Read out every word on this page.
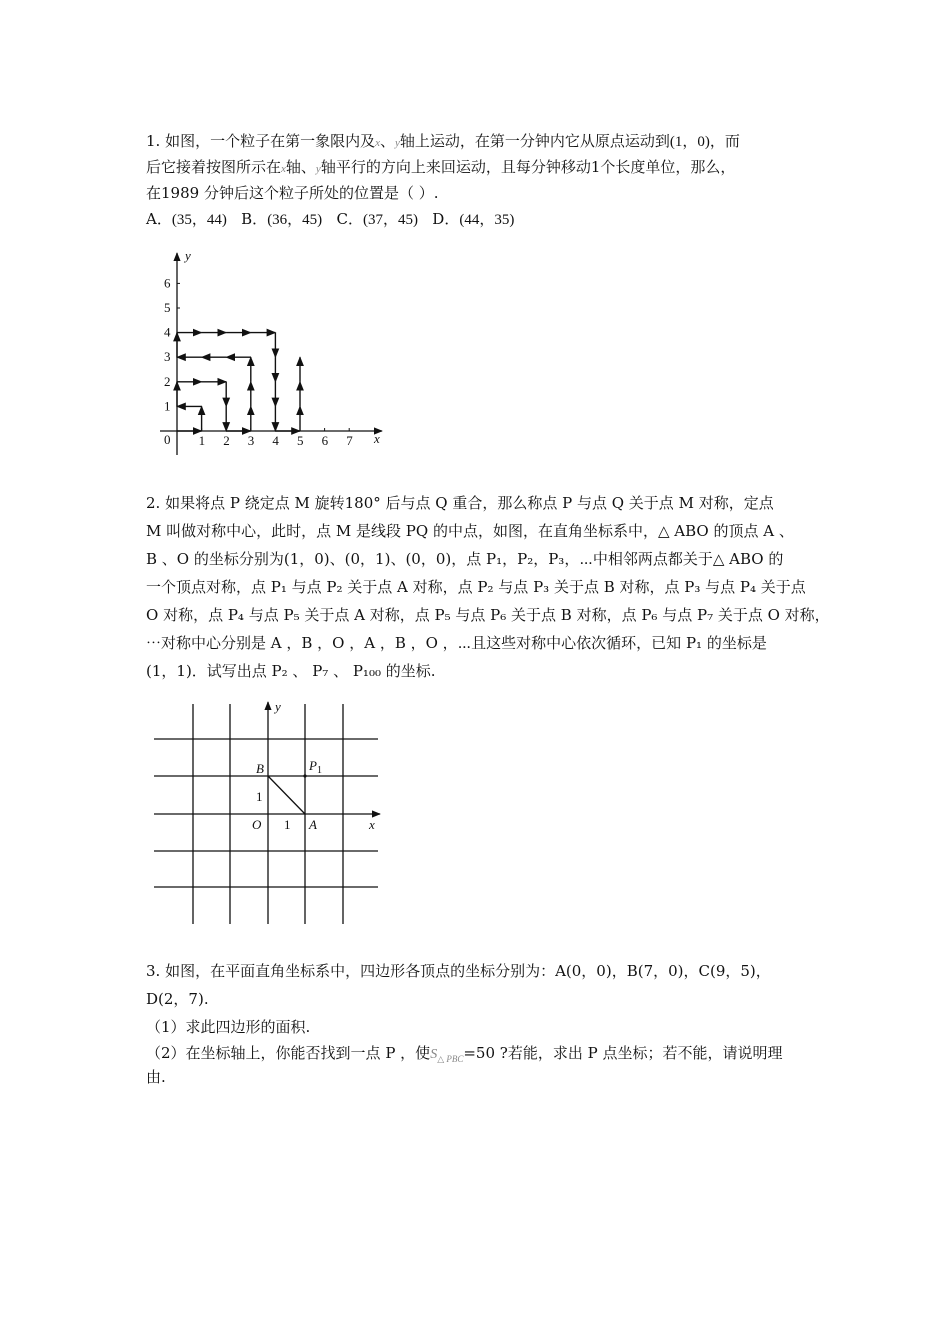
1. 如图，一个粒子在第一象限内及x、y轴上运动，在第一分钟内它从原点运动到(1，0)，而
后它接着按图所示在x轴、y轴平行的方向上来回运动，且每分钟移动1个长度单位，那么，
在1989 分钟后这个粒子所处的位置是（ ）.
A．(35，44) B．(36，45) C．(37，45) D．(44，35)
1 2 3 4 5 6 7
1
2
3
4
5
6
0	x
y
2. 如果将点 P 绕定点 M 旋转180° 后与点 Q 重合，那么称点 P 与点 Q 关于点 M 对称，定点
M 叫做对称中心，此时，点 M 是线段 PQ 的中点，如图，在直角坐标系中，△ ABO 的顶点 A 、
B 、O 的坐标分别为(1，0)、(0，1)、(0，0)，点 P₁，P₂，P₃，⋯中相邻两点都关于△ ABO 的
一个顶点对称，点 P₁ 与点 P₂ 关于点 A 对称，点 P₂ 与点 P₃ 关于点 B 对称，点 P₃ 与点 P₄ 关于点
O 对称，点 P₄ 与点 P₅ 关于点 A 对称，点 P₅ 与点 P₆ 关于点 B 对称，点 P₆ 与点 P₇ 关于点 O 对称，
⋯对称中心分别是 A ，B ，O ，A ，B ，O ，⋯且这些对称中心依次循环，已知 P₁ 的坐标是
(1，1)．试写出点 P₂ 、 P₇ 、 P₁₀₀ 的坐标.
B	$P_1$
1
O 1 A	x
y
3. 如图，在平面直角坐标系中，四边形各顶点的坐标分别为：A(0，0)，B(7，0)，C(9，5)，
D(2，7).
（1）求此四边形的面积.
（2）在坐标轴上，你能否找到一点 P ，使$S_{\triangle PBC}=50$ ?若能，求出 P 点坐标；若不能，请说明理
由.
